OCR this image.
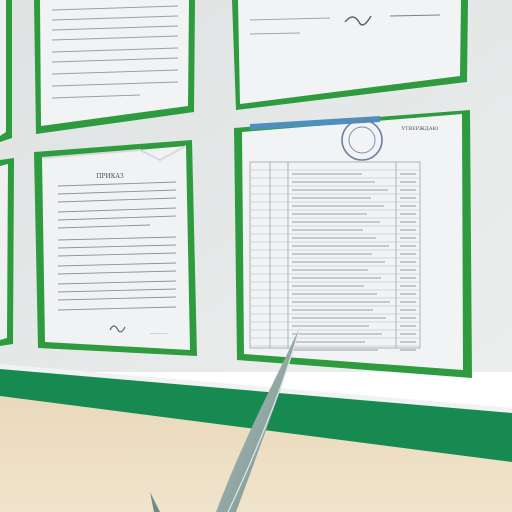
ПРИКАЗ
_______
УТВЕРЖДАЮ
